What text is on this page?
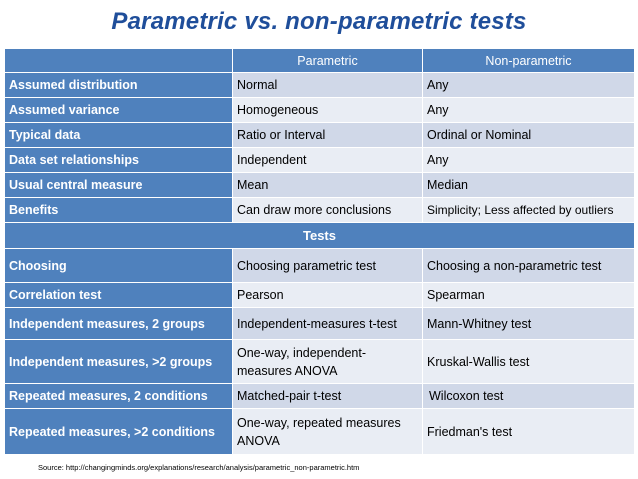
Parametric vs. non-parametric tests
	Parametric	Non-parametric
Assumed distribution	Normal	Any
Assumed variance	Homogeneous	Any
Typical data	Ratio or Interval	Ordinal or Nominal
Data set relationships	Independent	Any
Usual central measure	Mean	Median
Benefits	Can draw more conclusions	Simplicity; Less affected by outliers
Tests		
Choosing	Choosing parametric test	Choosing a non-parametric test
Correlation test	Pearson	Spearman
Independent measures, 2 groups	Independent-measures t-test	Mann-Whitney test
Independent measures, >2 groups	One-way, independent-measures ANOVA	Kruskal-Wallis test
Repeated measures, 2 conditions	Matched-pair t-test	Wilcoxon test
Repeated measures, >2 conditions	One-way, repeated measures ANOVA	Friedman's test
Source: http://changingminds.org/explanations/research/analysis/parametric_non-parametric.htm
